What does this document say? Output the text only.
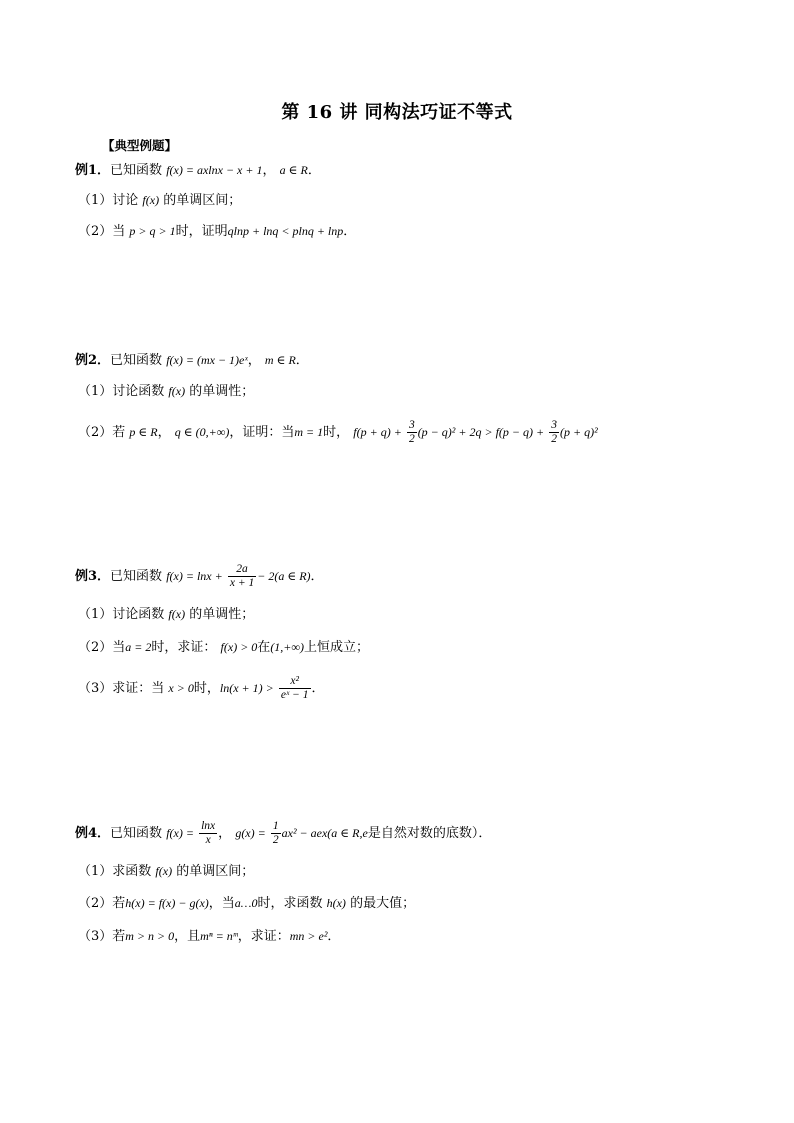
第 16 讲 同构法巧证不等式
【典型例题】
例1．已知函数 f(x) = axlnx − x + 1， a ∈ R．
（1）讨论 f(x) 的单调区间；
（2）当 p > q > 1时，证明qlnp + lnq < plnq + lnp．
例2．已知函数 f(x) = (mx − 1)eˣ， m ∈ R．
（1）讨论函数 f(x) 的单调性；
（2）若 p ∈ R， q ∈ (0,+∞)，证明：当m = 1时， $f(p + q) + \frac{3}{2} (p - q)^2 + 2q > f(p - q) + \frac{3}{2} (p + q)^2$
例3．已知函数 $f(x) = \ln x + \frac{2a}{x + 1} - 2(a$ ∈ R)．
（1）讨论函数 f(x) 的单调性；
（2）当a = 2时，求证： f(x) > 0在(1,+∞)上恒成立；
（3）求证：当 x > 0时，$\ln(x + 1) > \frac{\text{x²}}{\text{eˣ − 1}}$ ．
例4．已知函数 $f(x) = \frac{\ln x}{x}$ ， $g(x) = \frac{1}{2} ax^2 - aex(a$ ∈ R,e是自然对数的底数）．
（1）求函数 f(x) 的单调区间；
（2）若h(x) = f(x) − g(x)，当a…0时，求函数 h(x) 的最大值；
（3）若m > n > 0，且mⁿ = nᵐ，求证：mn > e²．
